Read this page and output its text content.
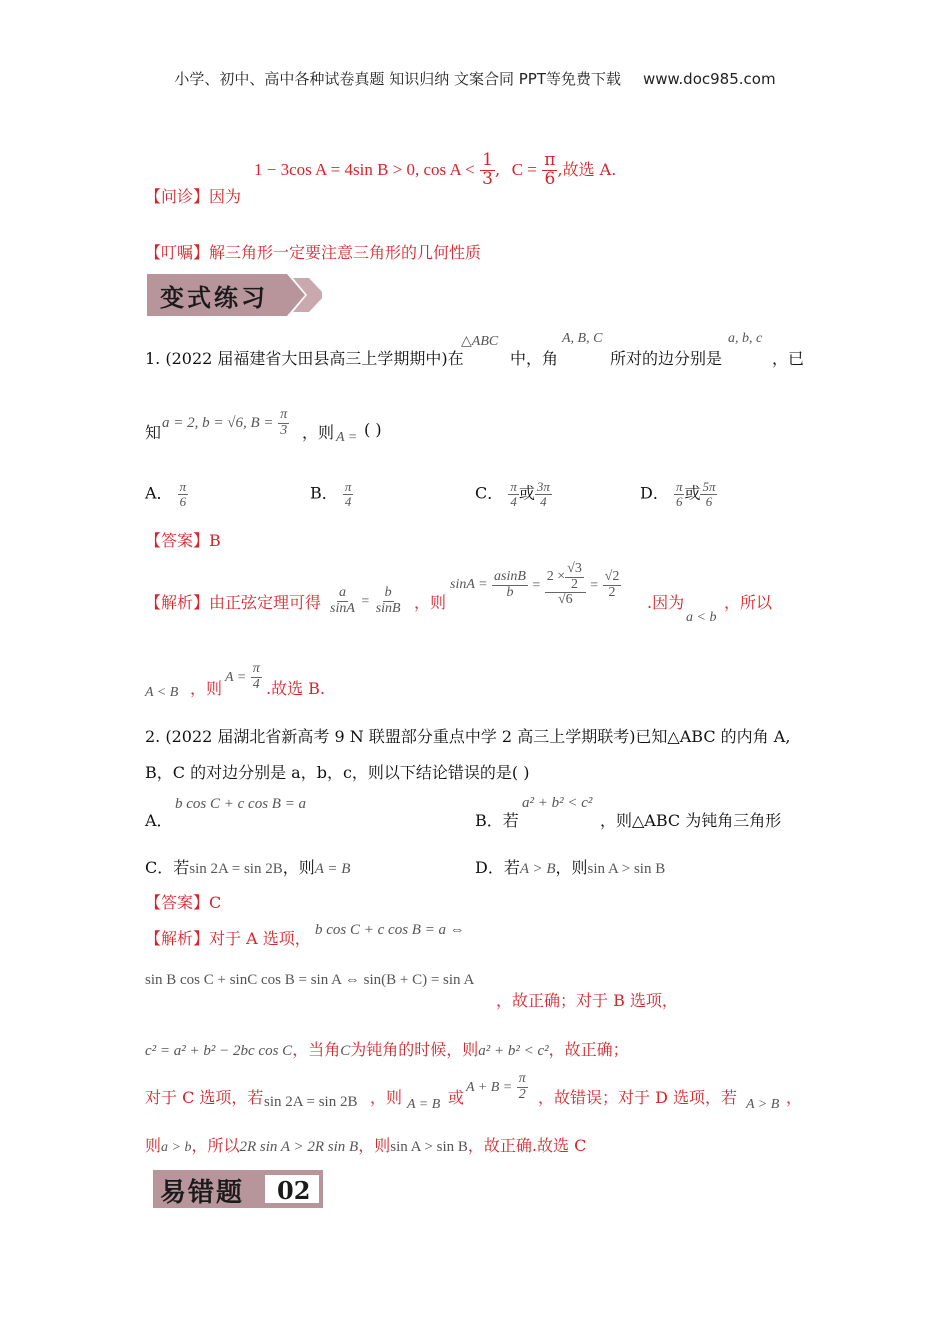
小学、初中、高中各种试卷真题 知识归纳 文案合同 PPT等免费下载 www.doc985.com
【问诊】因为
1 − 3cos A = 4sin B > 0, $\cos A < \frac{1}{3}$ , $C = \frac{\pi}{6}$ ,故选 A.
【叮嘱】解三角形一定要注意三角形的几何性质
变式练习
1. (2022 届福建省大田县高三上学期期中)在
△ABC
中，角
A, B, C
所对的边分别是
a, b, c
，已
知 a = 2, b = √6, $B = \frac{\pi}{3}$ ，则 A = ( )
A． $\frac{\pi}{6}$	B． $\frac{\pi}{4}$	C． $\frac{\pi}{4}$ 或 $\frac{3\pi}{4}$	D． $\frac{\pi}{6}$ 或 $\frac{5\pi}{6}$
【答案】B
【解析】由正弦定理可得 $\frac{a}{\sin A} = \frac{b}{\sin B}$ ，则
$\sin A = \frac{asinB}{b} = \frac{2 \times \frac{√3}{2}}{√6} = \frac{√2}{2}$
.因为
a < b
，所以
A < B ，则
$A = \frac{\pi}{4}$ .故选 B.
2. (2022 届湖北省新高考 9 N 联盟部分重点中学 2 高三上学期联考)已知△ABC 的内角 A,
B，C 的对边分别是 a，b，c，则以下结论错误的是( )
A．
b cos C + c cos B = a
B．若
a² + b² < c²
，则△ABC 为钝角三角形
C．若sin 2A = sin 2B，则A = B	D．若A > B，则sin A > sin B
【答案】C
【解析】对于 A 选项， b cos C + c cos B = a ⇔
sin B cos C + sinC cos B = sin A ⇔ sin(B + C) = sin A
，故正确；对于 B 选项，
c² = a² + b² − 2bc cos C，当角C为钝角的时候，则a² + b² < c²，故正确；
对于 C 选项，若 sin 2A = sin 2B ，则 A = B 或
$A + B = \frac{\pi}{2}$ ，故错误；对于 D 选项，若 A > B ，
则a > b，所以2R sin A > 2R sin B，则sin A > sin B，故正确.故选 C
易错题 02
